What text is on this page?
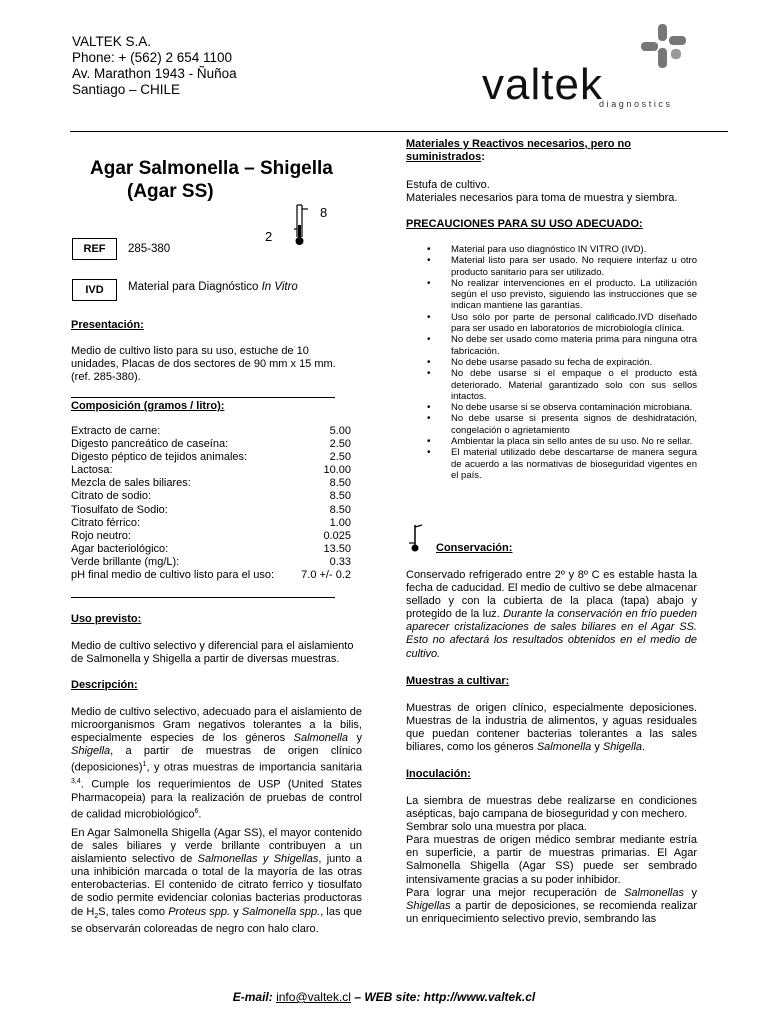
VALTEK S.A.
Phone: + (562) 2 654 1100
Av. Marathon 1943 - Ñuñoa
Santiago – CHILE	valtek
diagnostics
Agar Salmonella – Shigella
(Agar SS)
2
8
REF	285-380
IVD	Material para Diagnóstico In Vitro
Presentación:
Medio de cultivo listo para su uso, estuche de 10 unidades, Placas de dos sectores de 90 mm x 15 mm. (ref. 285-380).
Composición (gramos / litro):
Extracto de carne:	5.00
Digesto pancreático de caseína:	2.50
Digesto péptico de tejidos animales:	2.50
Lactosa:	10.00
Mezcla de sales biliares:	8.50
Citrato de sodio:	8.50
Tiosulfato de Sodio:	8.50
Citrato férrico:	1.00
Rojo neutro:	0.025
Agar bacteriológico:	13.50
Verde brillante (mg/L):	0.33
pH final medio de cultivo listo para el uso: 7.0 +/- 0.2
Uso previsto:
Medio de cultivo selectivo y diferencial para el aislamiento de Salmonella y Shigella a partir de diversas muestras.
Descripción:
Medio de cultivo selectivo, adecuado para el aislamiento de microorganismos Gram negativos tolerantes a la bilis, especialmente especies de los géneros Salmonella y Shigella, a partir de muestras de origen clínico (deposiciones)$^1$, y otras muestras de importancia sanitaria $^{3,4}$. Cumple los requerimientos de USP (United States Pharmacopeia) para la realización de pruebas de control de calidad microbiológico$^6$.
En Agar Salmonella Shigella (Agar SS), el mayor contenido de sales biliares y verde brillante contribuyen a un aislamiento selectivo de Salmonellas y Shigellas, junto a una inhibición marcada o total de la mayoría de las otras enterobacterias. El contenido de citrato ferrico y tiosulfato de sodio permite evidenciar colonias bacterias productoras de $H_2S$, tales como Proteus spp. y Salmonella spp., las que se observarán coloreadas de negro con halo claro.
Materiales y Reactivos necesarios, pero no suministrados:
Estufa de cultivo.
Materiales necesarios para toma de muestra y siembra.
PRECAUCIONES PARA SU USO ADECUADO:
• Material para uso diagnóstico IN VITRO (IVD).
• Material listo para ser usado. No requiere interfaz u otro producto sanitario para ser utilizado.
• No realizar intervenciones en el producto. La utilización según el uso previsto, siguiendo las instrucciones que se indican mantiene las garantías.
• Uso sólo por parte de personal calificado.IVD diseñado para ser usado en laboratorios de microbiología clínica.
• No debe ser usado como materia prima para ninguna otra fabricación.
• No debe usarse pasado su fecha de expiración.
• No debe usarse si el empaque o el producto está deteriorado. Material garantizado solo con sus sellos intactos.
• No debe usarse si se observa contaminación microbiana.
• No debe usarse si presenta signos de deshidratación, congelación o agrietamiento
• Ambientar la placa sin sello antes de su uso. No re sellar.
• El material utilizado debe descartarse de manera segura de acuerdo a las normativas de bioseguridad vigentes en el país.
Conservación:
Conservado refrigerado entre 2º y 8º C es estable hasta la fecha de caducidad. El medio de cultivo se debe almacenar sellado y con la cubierta de la placa (tapa) abajo y protegido de la luz. Durante la conservación en frío pueden aparecer cristalizaciones de sales biliares en el Agar SS. Esto no afectará los resultados obtenidos en el medio de cultivo.
Muestras a cultivar:
Muestras de origen clínico, especialmente deposiciones. Muestras de la industria de alimentos, y aguas residuales que puedan contener bacterias tolerantes a las sales biliares, como los géneros Salmonella y Shigella.
Inoculación:
La siembra de muestras debe realizarse en condiciones asépticas, bajo campana de bioseguridad y con mechero.
Sembrar solo una muestra por placa.
Para muestras de origen médico sembrar mediante estría en superficie, a partir de muestras primarias. El Agar Salmonella Shigella (Agar SS) puede ser sembrado intensivamente gracias a su poder inhibidor.
Para lograr una mejor recuperación de Salmonellas y Shigellas a partir de deposiciones, se recomienda realizar un enriquecimiento selectivo previo, sembrando las
E-mail: info@valtek.cl – WEB site: http://www.valtek.cl
